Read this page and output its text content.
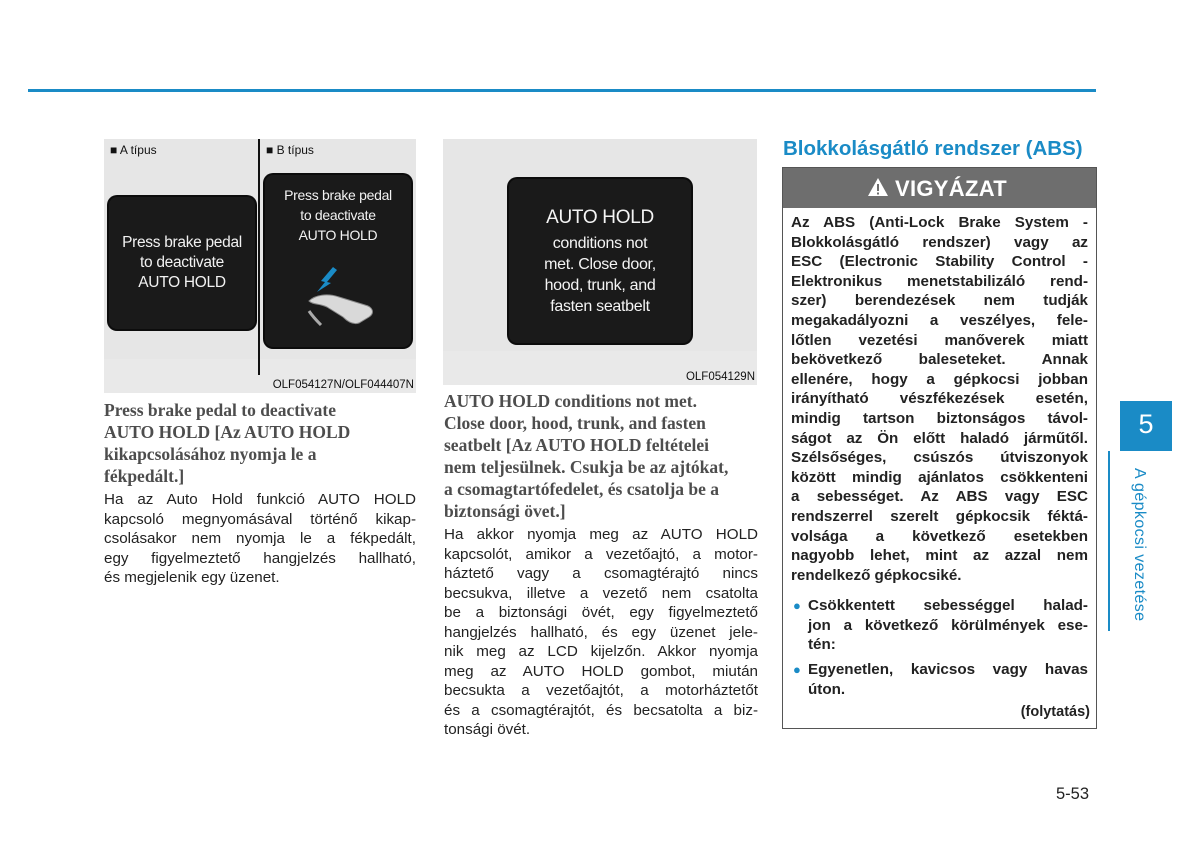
■ A típus	■ B típus
Press brake pedal
to deactivate
AUTO HOLD
Press brake pedal
to deactivate
AUTO HOLD
OLF054127N/OLF044407N
Press brake pedal to deactivate
AUTO HOLD [Az AUTO HOLD
kikapcsolásához nyomja le a
fékpedált.]
Ha az Auto Hold funkció AUTO HOLD
kapcsoló megnyomásával történő kikap-
csolásakor nem nyomja le a fékpedált,
egy figyelmeztető hangjelzés hallható,
és megjelenik egy üzenet.
AUTO HOLD
conditions not
met. Close door,
hood, trunk, and
fasten seatbelt
OLF054129N
AUTO HOLD conditions not met.
Close door, hood, trunk, and fasten
seatbelt [Az AUTO HOLD feltételei
nem teljesülnek. Csukja be az ajtókat,
a csomagtartófedelet, és csatolja be a
biztonsági övet.]
Ha akkor nyomja meg az AUTO HOLD
kapcsolót, amikor a vezetőajtó, a motor-
háztető vagy a csomagtérajtó nincs
becsukva, illetve a vezető nem csatolta
be a biztonsági övét, egy figyelmeztető
hangjelzés hallható, és egy üzenet jele-
nik meg az LCD kijelzőn. Akkor nyomja
meg az AUTO HOLD gombot, miután
becsukta a vezetőajtót, a motorháztetőt
és a csomagtérajtót, és becsatolta a biz-
tonsági övét.
Blokkolásgátló rendszer (ABS)
VIGYÁZAT
Az ABS (Anti-Lock Brake System -
Blokkolásgátló rendszer) vagy az
ESC (Electronic Stability Control -
Elektronikus menetstabilizáló rend-
szer) berendezések nem tudják
megakadályozni a veszélyes, fele-
lőtlen vezetési manőverek miatt
bekövetkező baleseteket. Annak
ellenére, hogy a gépkocsi jobban
irányítható vészfékezések esetén,
mindig tartson biztonságos távol-
ságot az Ön előtt haladó járműtől.
Szélsőséges, csúszós útviszonyok
között mindig ajánlatos csökkenteni
a sebességet. Az ABS vagy ESC
rendszerrel szerelt gépkocsik féktá-
volsága a következő esetekben
nagyobb lehet, mint az azzal nem
rendelkező gépkocsiké.
● Csökkentett sebességgel halad-
jon a következő körülmények ese-
tén:
● Egyenetlen, kavicsos vagy havas
úton.
(folytatás)
5
A gépkocsi vezetése
5-53
